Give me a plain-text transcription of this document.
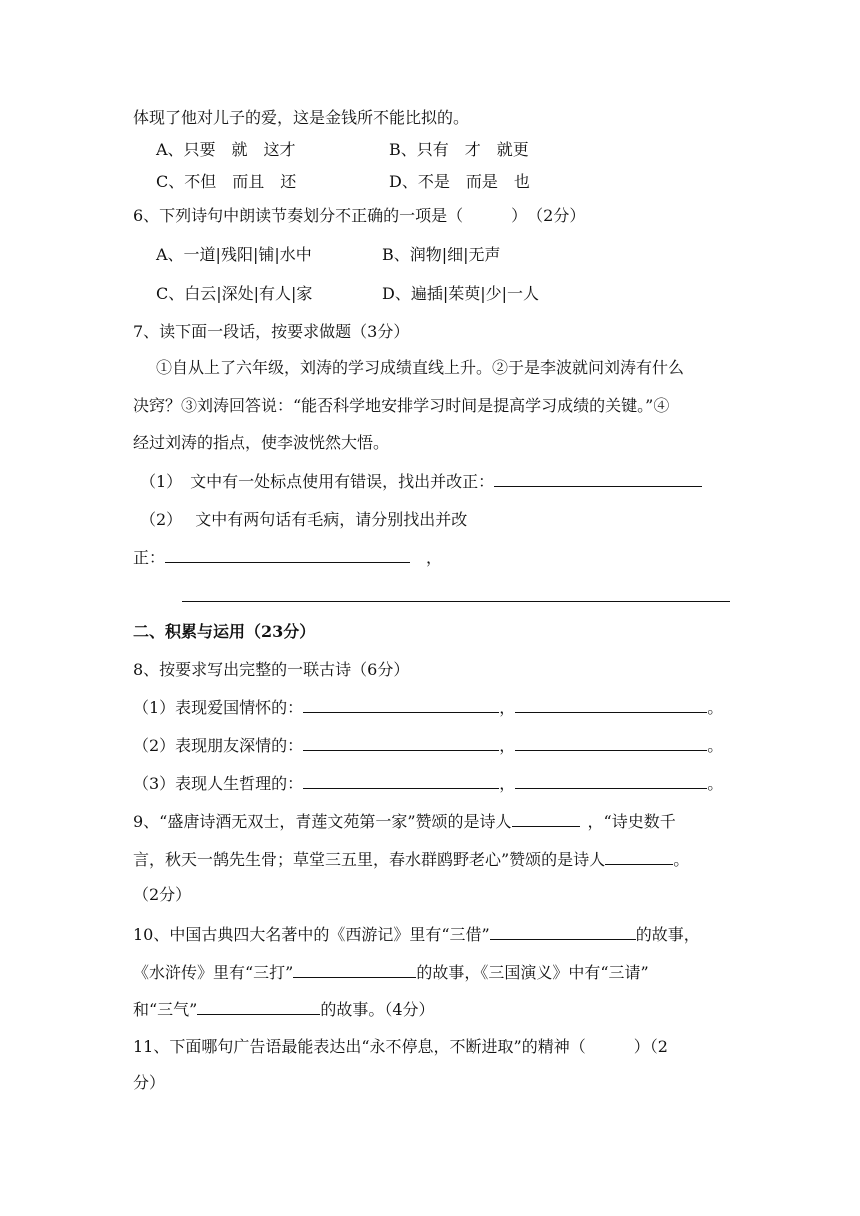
体现了他对儿子的爱，这是金钱所不能比拟的。
A、只要　就　这才	B、只有　才　就更
C、不但　而且　还	D、不是　而是　也
6、下列诗句中朗读节奏划分不正确的一项是（　　　）　（2分）
A、一道|残阳|铺|水中	B、润物|细|无声
C、白云|深处|有人|家	D、遍插|茱萸|少|一人
7、读下面一段话，按要求做题（3分）
①自从上了六年级，刘涛的学习成绩直线上升。②于是李波就问刘涛有什么
决窍？③刘涛回答说：“能否科学地安排学习时间是提高学习成绩的关键。”④
经过刘涛的指点，使李波恍然大悟。
（1）　文中有一处标点使用有错误，找出并改正：
（2）　 文中有两句话有毛病，请分别找出并改
正：	，
二、积累与运用（23分）
8、按要求写出完整的一联古诗（6分）
（1）表现爱国情怀的：	，	。
（2）表现朋友深情的：	，	。
（3）表现人生哲理的：	，	。
9、“盛唐诗酒无双士，青莲文苑第一家”赞颂的是诗人	，“诗史数千
言，秋天一鹄先生骨；草堂三五里，春水群鸥野老心”赞颂的是诗人	。
（2分）
10、中国古典四大名著中的《西游记》里有“三借”	的故事，
《水浒传》里有“三打”	的故事，《三国演义》中有“三请”
和“三气”	的故事。（4分）
11、下面哪句广告语最能表达出“永不停息，不断进取”的精神（　　　）（2
分）
